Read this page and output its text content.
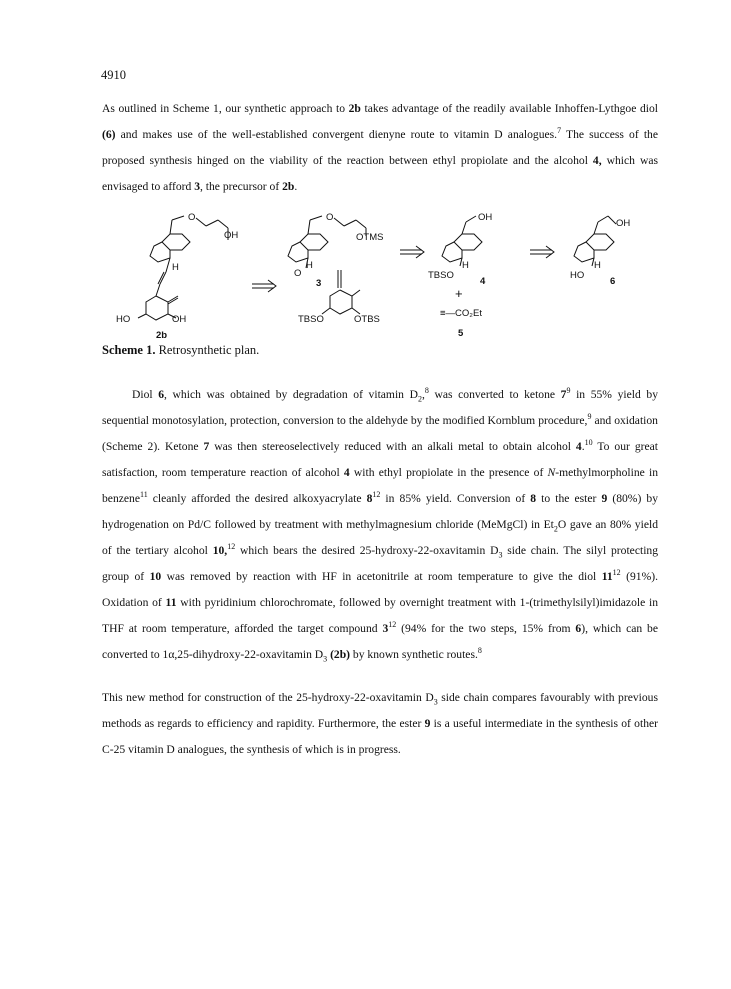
4910

As outlined in Scheme 1, our synthetic approach to 2b takes advantage of the readily available Inhoffen-Lythgoe diol (6) and makes use of the well-established convergent dienyne route to vitamin D analogues.$^7$ The success of the proposed synthesis hinged on the viability of the reaction between ethyl propiolate and the alcohol 4, which was envisaged to afford 3, the precursor of 2b.

O
OH
H
HO	OH
2b
O
OTMS
O
H
3
TBSO	OTBS
OH
H
TBSO
4
+
≡—CO₂Et
5
OH
H
HO
6
Scheme 1. Retrosynthetic plan.

Diol 6, which was obtained by degradation of vitamin $D_2,^8$ was converted to ketone $7^9$ in 55% yield by sequential monotosylation, protection, conversion to the aldehyde by the modified Kornblum procedure,$^9$ and oxidation (Scheme 2). Ketone 7 was then stereoselectively reduced with an alkali metal to obtain alcohol 4.10 To our great satisfaction, room temperature reaction of alcohol 4 with ethyl propiolate in the presence of N-methylmorpholine in benzene$^{11}$ cleanly afforded the desired alkoxyacrylate $8^{12}$ in 85% yield. Conversion of 8 to the ester 9 (80%) by hydrogenation on Pd/C followed by treatment with methylmagnesium chloride (MeMgCl) in $Et_2O$ gave an 80% yield of the tertiary alcohol 10,12 which bears the desired 25-hydroxy-22-oxavitamin $D_3$ side chain. The silyl protecting group of 10 was removed by reaction with HF in acetonitrile at room temperature to give the diol $11^{12}$ (91%). Oxidation of 11 with pyridinium chlorochromate, followed by overnight treatment with 1-(trimethylsilyl)imidazole in THF at room temperature, afforded the target compound $3^{12}$ (94% for the two steps, 15% from 6), which can be converted to 1α,25-dihydroxy-22-oxavitamin $D_3$ (2b) by known synthetic routes.$^8$

This new method for construction of the 25-hydroxy-22-oxavitamin $D_3$ side chain compares favourably with previous methods as regards to efficiency and rapidity. Furthermore, the ester 9 is a useful intermediate in the synthesis of other C-25 vitamin D analogues, the synthesis of which is in progress.
